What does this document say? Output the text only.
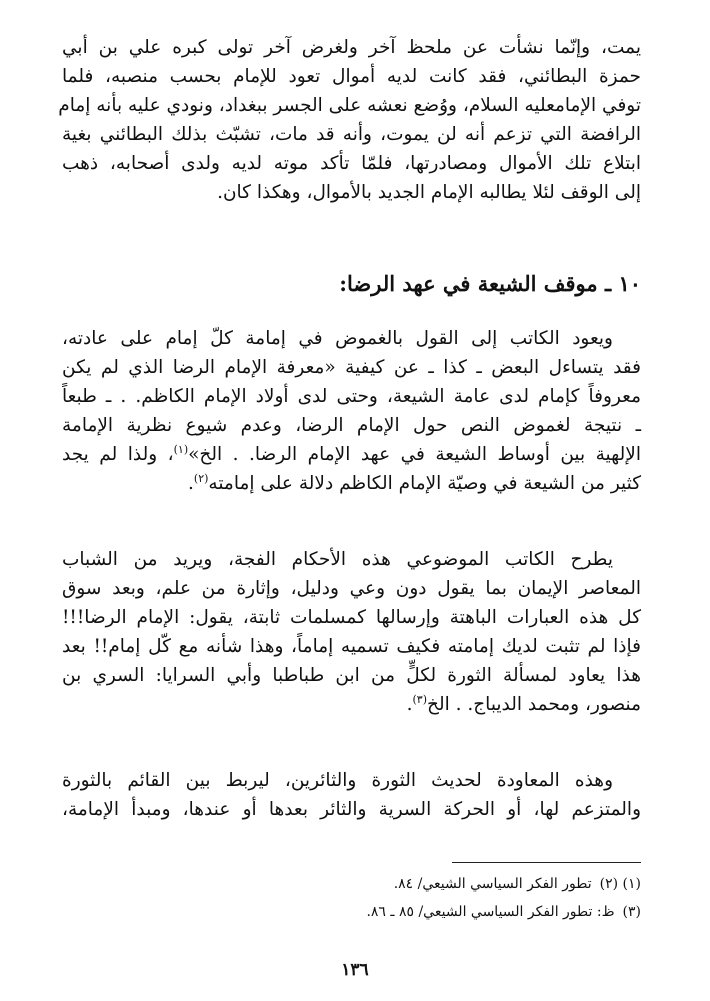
يمت، وإنّما نشأت عن ملحظ آخر ولغرض آخر تولى كبره علي بن أبي
حمزة البطائني، فقد كانت لديه أموال تعود للإمام بحسب منصبه، فلما
توفي الإمامعليه السلام، ووُضع نعشه على الجسر ببغداد، ونودي عليه بأنه إمام
الرافضة التي تزعم أنه لن يموت، وأنه قد مات، تشبّث بذلك البطائني بغية
ابتلاع تلك الأموال ومصادرتها، فلمّا تأكد موته لديه ولدى أصحابه، ذهب
إلى الوقف لئلا يطالبه الإمام الجديد بالأموال، وهكذا كان.
١٠ ـ موقف الشيعة في عهد الرضا:
ويعود الكاتب إلى القول بالغموض في إمامة كلّ إمام على عادته،
فقد يتساءل البعض ـ كذا ـ عن كيفية «معرفة الإمام الرضا الذي لم يكن
معروفاً كإمام لدى عامة الشيعة، وحتى لدى أولاد الإمام الكاظم. . ـ طبعاً
ـ نتيجة لغموض النص حول الإمام الرضا، وعدم شيوع نظرية الإمامة
الإلهية بين أوساط الشيعة في عهد الإمام الرضا. . الخ»$^{(١)}$، ولذا لم يجد
كثير من الشيعة في وصيّة الإمام الكاظم دلالة على إمامته$^{(٢)}$.
يطرح الكاتب الموضوعي هذه الأحكام الفجة، ويريد من الشباب
المعاصر الإيمان بما يقول دون وعي ودليل، وإثارة من علم، وبعد سوق
كل هذه العبارات الباهتة وإرسالها كمسلمات ثابتة، يقول: الإمام الرضا!!!
فإذا لم تثبت لديك إمامته فكيف تسميه إماماً، وهذا شأنه مع كّل إمام!! بعد
هذا يعاود لمسألة الثورة لكلٍّ من ابن طباطبا وأبي السرايا: السري بن
منصور، ومحمد الديباج. . الخ$^{(٣)}$.
وهذه المعاودة لحديث الثورة والثائرين، ليربط بين القائم بالثورة
والمتزعم لها، أو الحركة السرية والثائر بعدها أو عندها، ومبدأ الإمامة،
(١) (٢)تطور الفكر السياسي الشيعي/ ٨٤.
(٣)ظ: تطور الفكر السياسي الشيعي/ ٨٥ ـ ٨٦.
١٣٦
